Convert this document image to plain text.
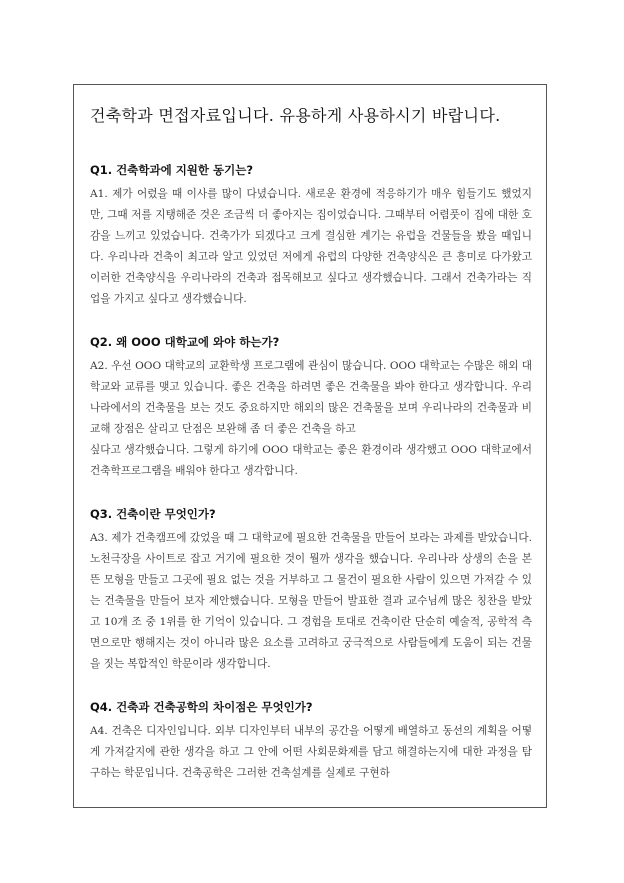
건축학과 면접자료입니다. 유용하게 사용하시기 바랍니다.
Q1. 건축학과에 지원한 동기는?

A1. 제가 어렸을 때 이사를 많이 다녔습니다. 새로운 환경에 적응하기가 매우 힘들기도 했었지만, 그때 저를 지탱해준 것은 조금씩 더 좋아지는 집이었습니다. 그때부터 어렴풋이 집에 대한 호감을 느끼고 있었습니다. 건축가가 되겠다고 크게 결심한 계기는 유럽을 건물들을 봤을 때입니다. 우리나라 건축이 최고라 알고 있었던 저에게 유럽의 다양한 건축양식은 큰 흥미로 다가왔고 이러한 건축양식을 우리나라의 건축과 접목해보고 싶다고 생각했습니다. 그래서 건축가라는 직업을 가지고 싶다고 생각했습니다.

Q2. 왜 OOO 대학교에 와야 하는가?

A2. 우선 OOO 대학교의 교환학생 프로그램에 관심이 많습니다. OOO 대학교는 수많은 해외 대학교와 교류를 맺고 있습니다. 좋은 건축을 하려면 좋은 건축물을 봐야 한다고 생각합니다. 우리나라에서의 건축물을 보는 것도 중요하지만 해외의 많은 건축물을 보며 우리나라의 건축물과 비교해 장점은 살리고 단점은 보완해 좀 더 좋은 건축을 하고

싶다고 생각했습니다. 그렇게 하기에 OOO 대학교는 좋은 환경이라 생각했고 OOO 대학교에서 건축학프로그램을 배워야 한다고 생각합니다.

Q3. 건축이란 무엇인가?

A3. 제가 건축캠프에 갔었을 때 그 대학교에 필요한 건축물을 만들어 보라는 과제를 받았습니다. 노천극장을 사이트로 잡고 거기에 필요한 것이 뭘까 생각을 했습니다. 우리나라 상생의 손을 본뜬 모형을 만들고 그곳에 필요 없는 것을 거부하고 그 물건이 필요한 사람이 있으면 가져갈 수 있는 건축물을 만들어 보자 제안했습니다. 모형을 만들어 발표한 결과 교수님께 많은 칭찬을 받았고 10개 조 중 1위를 한 기억이 있습니다. 그 경험을 토대로 건축이란 단순히 예술적, 공학적 측면으로만 행해지는 것이 아니라 많은 요소를 고려하고 궁극적으로 사람들에게 도움이 되는 건물을 짓는 복합적인 학문이라 생각합니다.

Q4. 건축과 건축공학의 차이점은 무엇인가?

A4. 건축은 디자인입니다. 외부 디자인부터 내부의 공간을 어떻게 배열하고 동선의 계획을 어떻게 가져갈지에 관한 생각을 하고 그 안에 어떤 사회문화제를 담고 해결하는지에 대한 과정을 탐구하는 학문입니다. 건축공학은 그러한 건축설계를 실제로 구현하
